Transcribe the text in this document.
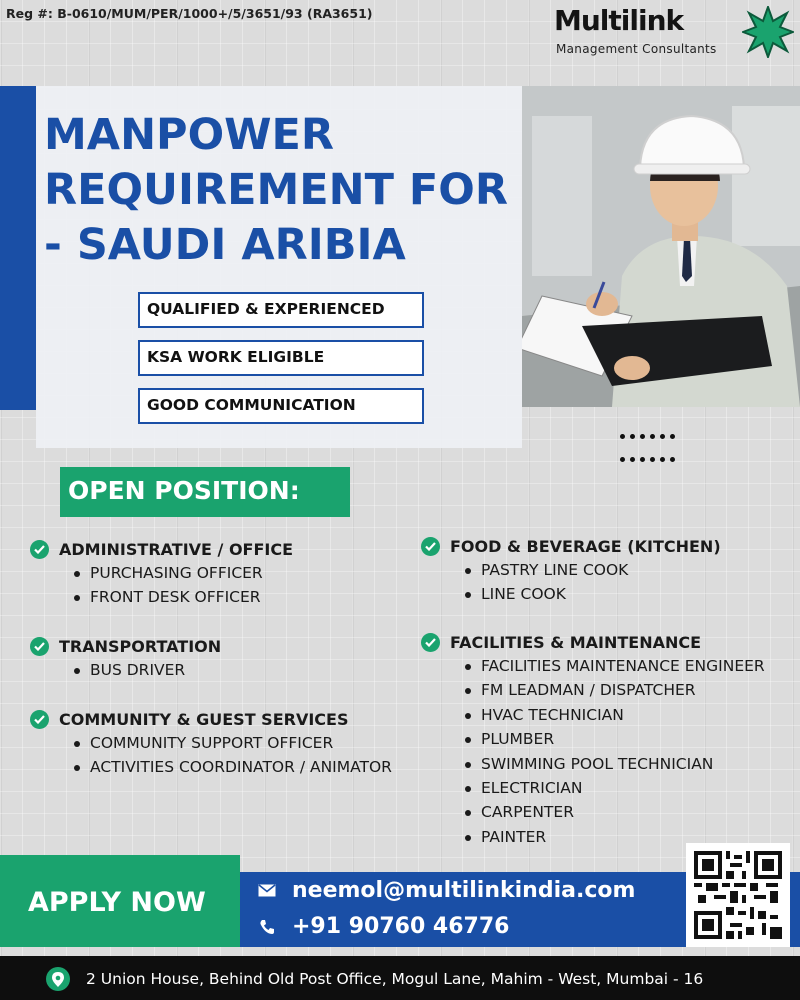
Reg #: B-0610/MUM/PER/1000+/5/3651/93 (RA3651)	Multilink
Management Consultants
MANPOWER
REQUIREMENT FOR
- SAUDI ARIBIA
QUALIFIED & EXPERIENCED
KSA WORK ELIGIBLE
GOOD COMMUNICATION

OPEN POSITION:
ADMINISTRATIVE / OFFICE
PURCHASING OFFICER
FRONT DESK OFFICER
TRANSPORTATION
BUS DRIVER
COMMUNITY & GUEST SERVICES
COMMUNITY SUPPORT OFFICER
ACTIVITIES COORDINATOR / ANIMATOR
FOOD & BEVERAGE (KITCHEN)
PASTRY LINE COOK
LINE COOK
FACILITIES & MAINTENANCE
FACILITIES MAINTENANCE ENGINEER
FM LEADMAN / DISPATCHER
HVAC TECHNICIAN
PLUMBER
SWIMMING POOL TECHNICIAN
ELECTRICIAN
CARPENTER
PAINTER
APPLY NOW	neemol@multilinkindia.com
+91 90760 46776
2 Union House, Behind Old Post Office, Mogul Lane, Mahim - West, Mumbai - 16
